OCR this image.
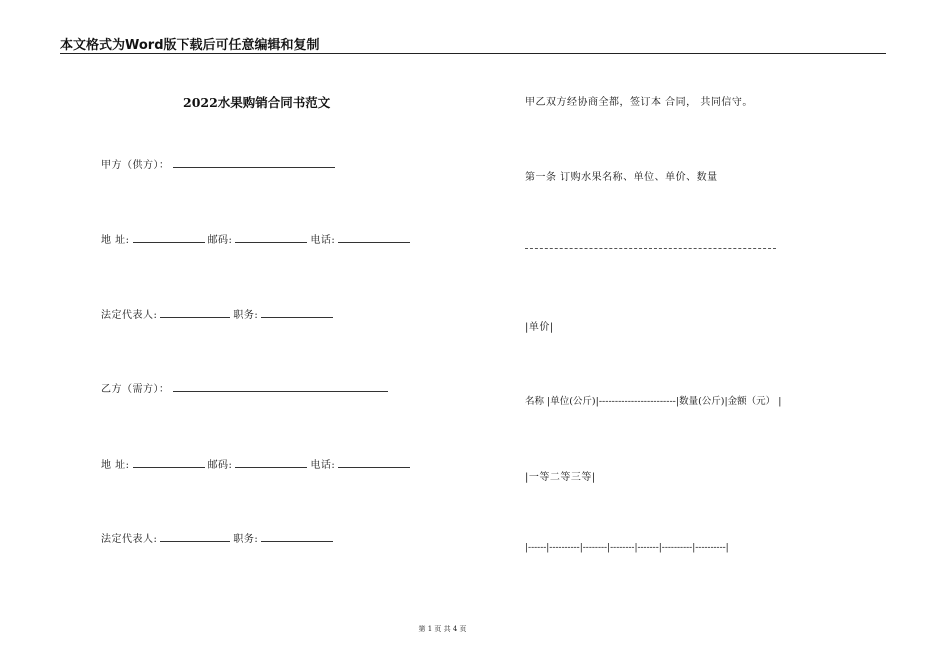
本文格式为Word版下载后可任意编辑和复制
2022水果购销合同书范文
甲方（供方）：
地 址:	邮码:	电话:
法定代表人:	职务:
乙方（需方）：
地 址:	邮码:	电话:
法定代表人:	职务:
甲乙双方经协商全都，签订本 合同， 共同信守。
第一条 订购水果名称、单位、单价、数量
|单价|
名称 |单位(公斤)|------------------------|数量(公斤)|金额（元） |
|一等二等三等|
|------|----------|--------|--------|-------|----------|----------|
第 1 页 共 4 页
